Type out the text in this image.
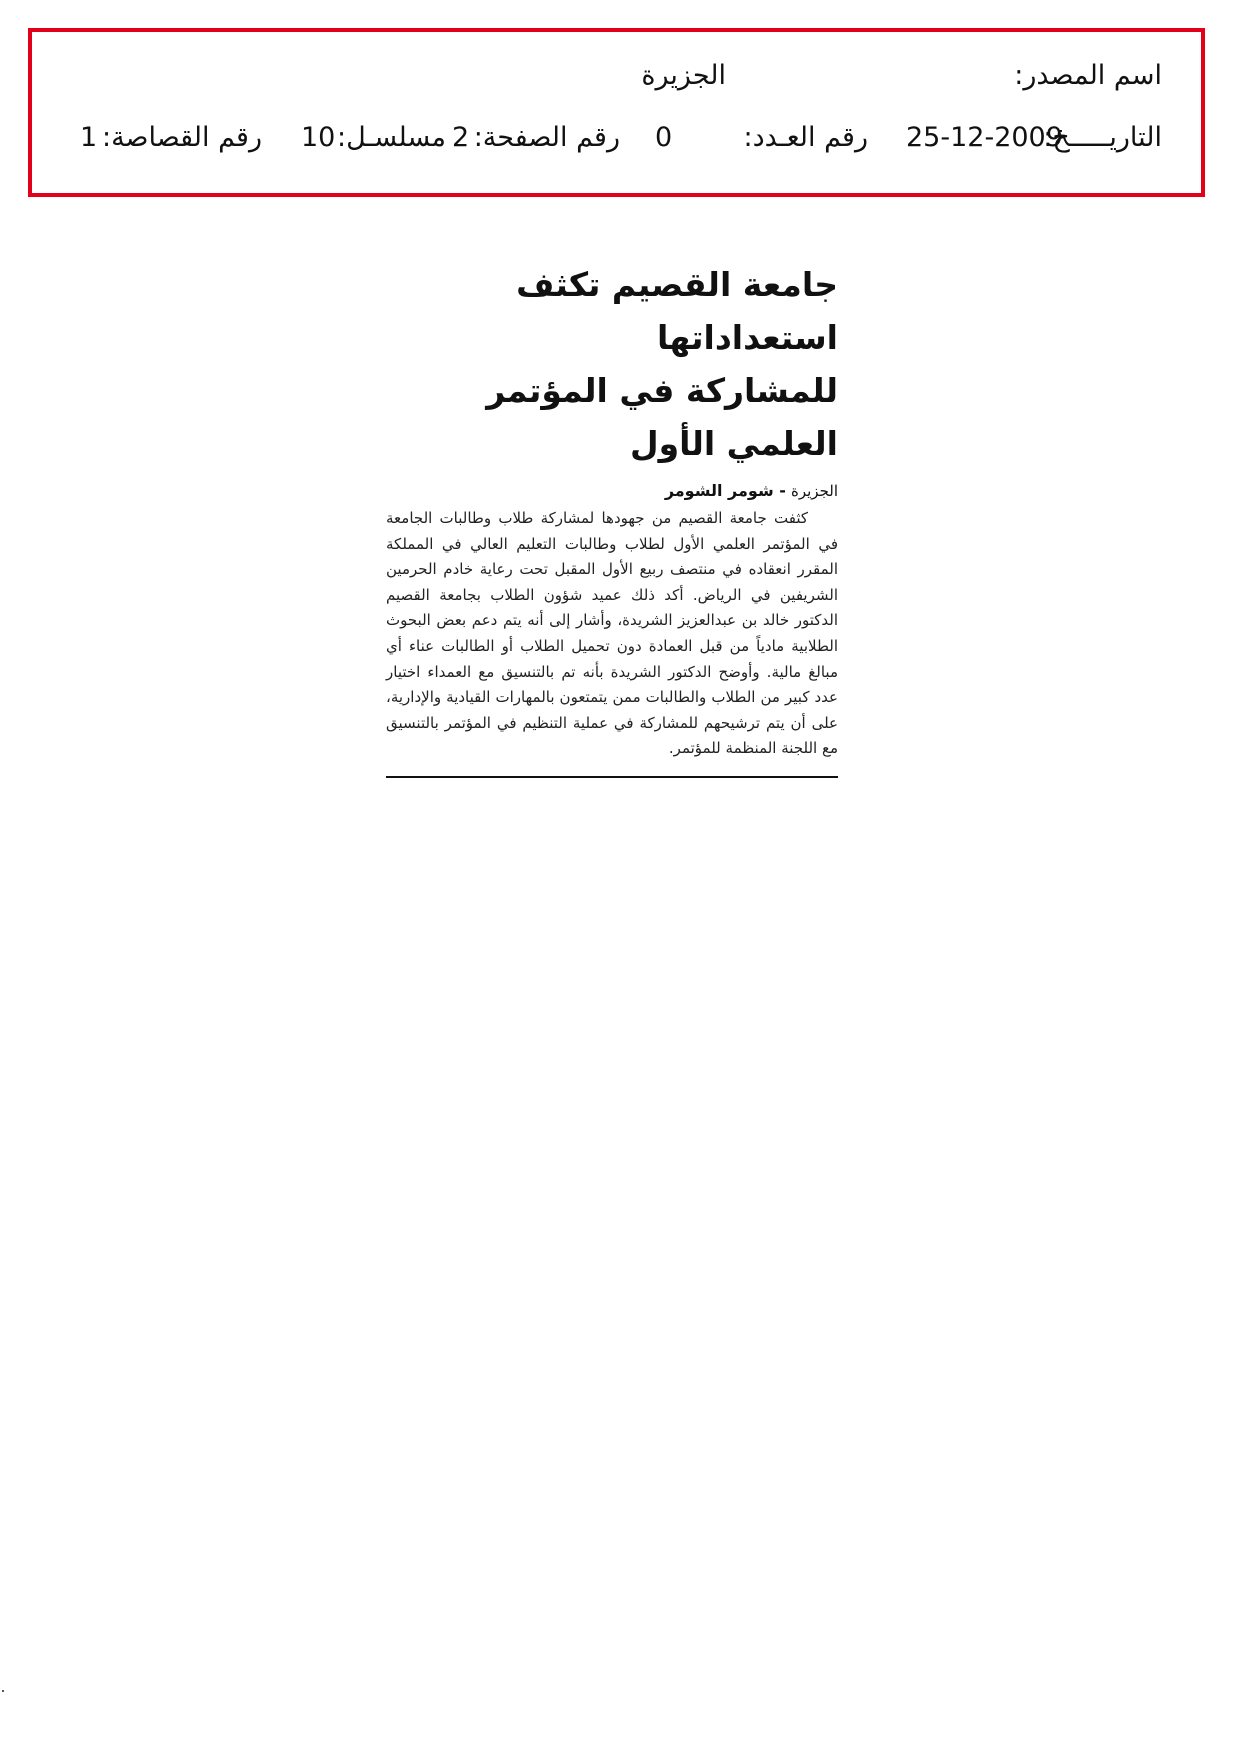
اسم المصدر:
الجزيرة
التاريـــــخ:
25-12-2009
رقم العـدد:
0
رقم الصفحة:
2
مسلسـل:
10
رقم القصاصة:
1
جامعة القصيم تكثف استعداداتها
للمشاركة في المؤتمر العلمي الأول
الجزيرة - شومر الشومر

كثفت جامعة القصيم من جهودها لمشاركة طلاب وطالبات الجامعة في المؤتمر العلمي الأول لطلاب وطالبات التعليم العالي في المملكة المقرر انعقاده في منتصف ربيع الأول المقبل تحت رعاية خادم الحرمين الشريفين في الرياض. أكد ذلك عميد شؤون الطلاب بجامعة القصيم الدكتور خالد بن عبدالعزيز الشريدة، وأشار إلى أنه يتم دعم بعض البحوث الطلابية مادياً من قبل العمادة دون تحميل الطلاب أو الطالبات عناء أي مبالغ مالية. وأوضح الدكتور الشريدة بأنه تم بالتنسيق مع العمداء اختيار عدد كبير من الطلاب والطالبات ممن يتمتعون بالمهارات القيادية والإدارية، على أن يتم ترشيحهم للمشاركة في عملية التنظيم في المؤتمر بالتنسيق مع اللجنة المنظمة للمؤتمر.
